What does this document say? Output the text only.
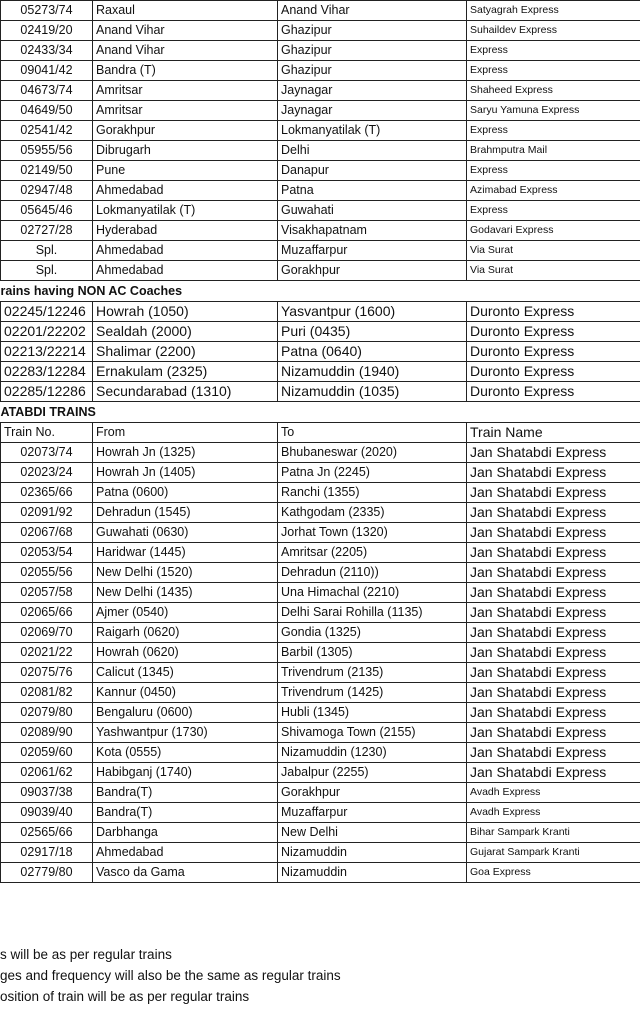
	05273/74	Raxaul	Anand Vihar	Satyagrah Express
	02419/20	Anand Vihar	Ghazipur	Suhaildev Express
	02433/34	Anand Vihar	Ghazipur	Express
	09041/42	Bandra (T)	Ghazipur	Express
	04673/74	Amritsar	Jaynagar	Shaheed Express
	04649/50	Amritsar	Jaynagar	Saryu Yamuna Express
	02541/42	Gorakhpur	Lokmanyatilak (T)	Express
	05955/56	Dibrugarh	Delhi	Brahmputra Mail
	02149/50	Pune	Danapur	Express
	02947/48	Ahmedabad	Patna	Azimabad Express
	05645/46	Lokmanyatilak (T)	Guwahati	Express
	02727/28	Hyderabad	Visakhapatnam	Godavari Express
	Spl.	Ahmedabad	Muzaffarpur	Via Surat
	Spl.	Ahmedabad	Gorakhpur	Via Surat
rains having NON AC Coaches				
	02245/12246	Howrah (1050)	Yasvantpur (1600)	Duronto Express
	02201/22202	Sealdah (2000)	Puri (0435)	Duronto Express
	02213/22214	Shalimar (2200)	Patna (0640)	Duronto Express
	02283/12284	Ernakulam (2325)	Nizamuddin (1940)	Duronto Express
	02285/12286	Secundarabad (1310)	Nizamuddin (1035)	Duronto Express
ATABDI TRAINS				
	Train No.	From	To	Train Name
	02073/74	Howrah Jn (1325)	Bhubaneswar (2020)	Jan Shatabdi Express
	02023/24	Howrah Jn (1405)	Patna Jn (2245)	Jan Shatabdi Express
	02365/66	Patna (0600)	Ranchi (1355)	Jan Shatabdi Express
	02091/92	Dehradun (1545)	Kathgodam (2335)	Jan Shatabdi Express
	02067/68	Guwahati (0630)	Jorhat Town (1320)	Jan Shatabdi Express
	02053/54	Haridwar (1445)	Amritsar (2205)	Jan Shatabdi Express
	02055/56	New Delhi (1520)	Dehradun (2110))	Jan Shatabdi Express
	02057/58	New Delhi (1435)	Una Himachal (2210)	Jan Shatabdi Express
	02065/66	Ajmer (0540)	Delhi Sarai Rohilla (1135)	Jan Shatabdi Express
	02069/70	Raigarh (0620)	Gondia (1325)	Jan Shatabdi Express
	02021/22	Howrah (0620)	Barbil (1305)	Jan Shatabdi Express
	02075/76	Calicut (1345)	Trivendrum (2135)	Jan Shatabdi Express
	02081/82	Kannur (0450)	Trivendrum (1425)	Jan Shatabdi Express
	02079/80	Bengaluru (0600)	Hubli (1345)	Jan Shatabdi Express
	02089/90	Yashwantpur (1730)	Shivamoga Town (2155)	Jan Shatabdi Express
	02059/60	Kota (0555)	Nizamuddin (1230)	Jan Shatabdi Express
	02061/62	Habibganj (1740)	Jabalpur (2255)	Jan Shatabdi Express
	09037/38	Bandra(T)	Gorakhpur	Avadh Express
	09039/40	Bandra(T)	Muzaffarpur	Avadh Express
	02565/66	Darbhanga	New Delhi	Bihar Sampark Kranti
	02917/18	Ahmedabad	Nizamuddin	Gujarat Sampark Kranti
	02779/80	Vasco da Gama	Nizamuddin	Goa Express
s will be as per regular trains
ges and frequency will also be the same as regular trains
osition of train will be as per regular trains
